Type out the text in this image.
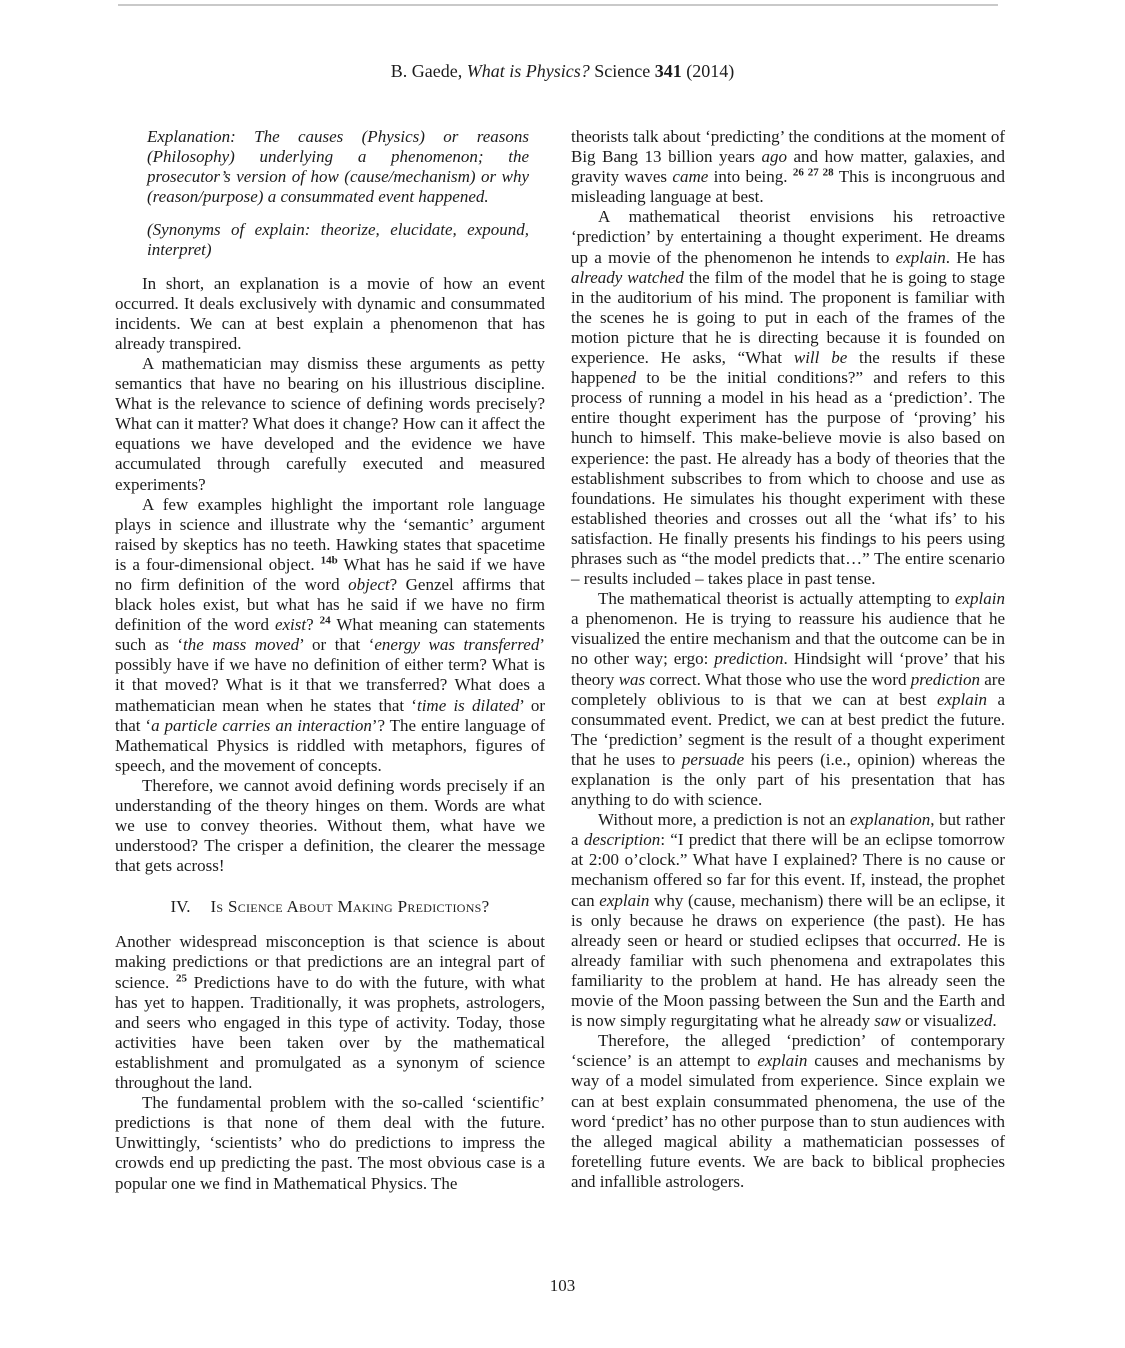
B. Gaede, What is Physics? Science 341 (2014)

Explanation: The causes (Physics) or reasons (Philosophy) underlying a phenomenon; the prosecutor’s version of how (cause/mechanism) or why (reason/purpose) a consummated event happened.

(Synonyms of explain: theorize, elucidate, expound, interpret)

In short, an explanation is a movie of how an event occurred. It deals exclusively with dynamic and consummated incidents. We can at best explain a phenomenon that has already transpired.

A mathematician may dismiss these arguments as petty semantics that have no bearing on his illustrious discipline. What is the relevance to science of defining words precisely? What can it matter? What does it change? How can it affect the equations we have developed and the evidence we have accumulated through carefully executed and measured experiments?

A few examples highlight the important role language plays in science and illustrate why the ‘semantic’ argument raised by skeptics has no teeth. Hawking states that spacetime is a four-dimensional object. $^{14b}$ What has he said if we have no firm definition of the word object? Genzel affirms that black holes exist, but what has he said if we have no firm definition of the word exist? $^{24}$ What meaning can statements such as ‘the mass moved’ or that ‘energy was transferred’ possibly have if we have no definition of either term? What is it that moved? What is it that we transferred? What does a mathematician mean when he states that ‘time is dilated’ or that ‘a particle carries an interaction’? The entire language of Mathematical Physics is riddled with metaphors, figures of speech, and the movement of concepts.

Therefore, we cannot avoid defining words precisely if an understanding of the theory hinges on them. Words are what we use to convey theories. Without them, what have we understood? The crisper a definition, the clearer the message that gets across!

IV. Is Science About Making Predictions?

Another widespread misconception is that science is about making predictions or that predictions are an integral part of science. $^{25}$ Predictions have to do with the future, with what has yet to happen. Traditionally, it was prophets, astrologers, and seers who engaged in this type of activity. Today, those activities have been taken over by the mathematical establishment and promulgated as a synonym of science throughout the land.

The fundamental problem with the so-called ‘scientific’ predictions is that none of them deal with the future. Unwittingly, ‘scientists’ who do predictions to impress the crowds end up predicting the past. The most obvious case is a popular one we find in Mathematical Physics. The

theorists talk about ‘predicting’ the conditions at the moment of Big Bang 13 billion years ago and how matter, galaxies, and gravity waves came into being. $^{26 27 28}$ This is incongruous and misleading language at best.

A mathematical theorist envisions his retroactive ‘prediction’ by entertaining a thought experiment. He dreams up a movie of the phenomenon he intends to explain. He has already watched the film of the model that he is going to stage in the auditorium of his mind. The proponent is familiar with the scenes he is going to put in each of the frames of the motion picture that he is directing because it is founded on experience. He asks, “What will be the results if these happened to be the initial conditions?” and refers to this process of running a model in his head as a ‘prediction’. The entire thought experiment has the purpose of ‘proving’ his hunch to himself. This make-believe movie is also based on experience: the past. He already has a body of theories that the establishment subscribes to from which to choose and use as foundations. He simulates his thought experiment with these established theories and crosses out all the ‘what ifs’ to his satisfaction. He finally presents his findings to his peers using phrases such as “the model predicts that…” The entire scenario – results included – takes place in past tense.

The mathematical theorist is actually attempting to explain a phenomenon. He is trying to reassure his audience that he visualized the entire mechanism and that the outcome can be in no other way; ergo: prediction. Hindsight will ‘prove’ that his theory was correct. What those who use the word prediction are completely oblivious to is that we can at best explain a consummated event. Predict, we can at best predict the future. The ‘prediction’ segment is the result of a thought experiment that he uses to persuade his peers (i.e., opinion) whereas the explanation is the only part of his presentation that has anything to do with science.

Without more, a prediction is not an explanation, but rather a description: “I predict that there will be an eclipse tomorrow at 2:00 o’clock.” What have I explained? There is no cause or mechanism offered so far for this event. If, instead, the prophet can explain why (cause, mechanism) there will be an eclipse, it is only because he draws on experience (the past). He has already seen or heard or studied eclipses that occurred. He is already familiar with such phenomena and extrapolates this familiarity to the problem at hand. He has already seen the movie of the Moon passing between the Sun and the Earth and is now simply regurgitating what he already saw or visualized.

Therefore, the alleged ‘prediction’ of contemporary ‘science’ is an attempt to explain causes and mechanisms by way of a model simulated from experience. Since explain we can at best explain consummated phenomena, the use of the word ‘predict’ has no other purpose than to stun audiences with the alleged magical ability a mathematician possesses of foretelling future events. We are back to biblical prophecies and infallible astrologers.

103
